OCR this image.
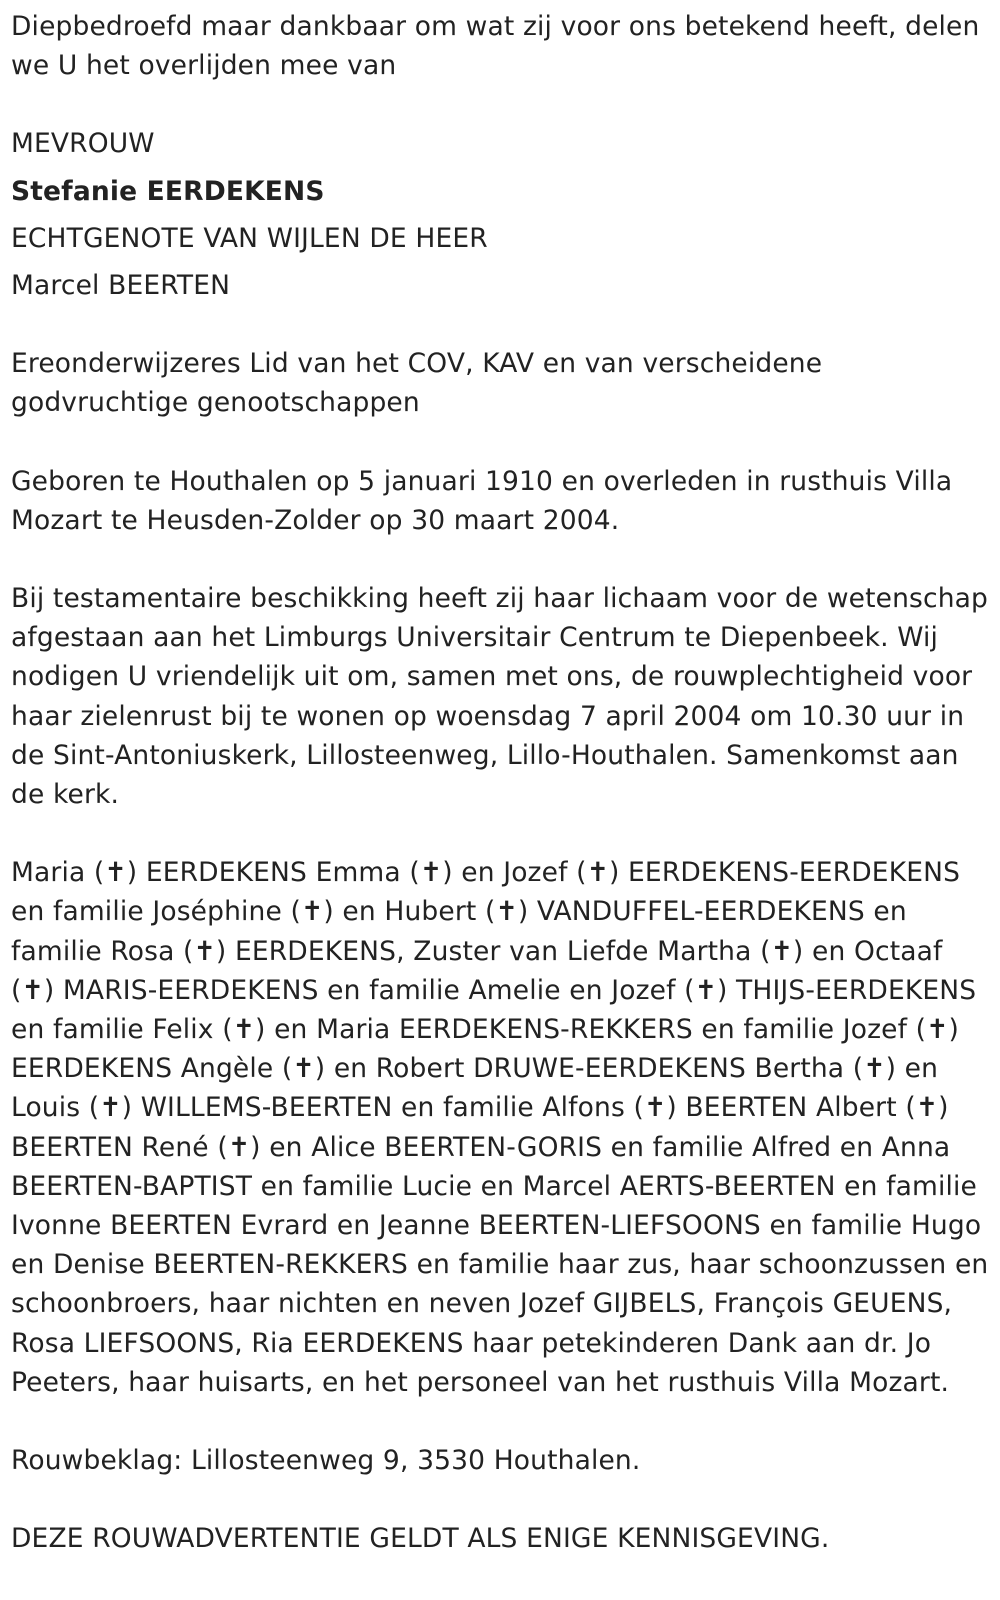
Diepbedroefd maar dankbaar om wat zij voor ons betekend heeft, delen we U het overlijden mee van

MEVROUW

Stefanie EERDEKENS

ECHTGENOTE VAN WIJLEN DE HEER

Marcel BEERTEN

Ereonderwijzeres Lid van het COV, KAV en van verscheidene godvruchtige genootschappen

Geboren te Houthalen op 5 januari 1910 en overleden in rusthuis Villa Mozart te Heusden-Zolder op 30 maart 2004.

Bij testamentaire beschikking heeft zij haar lichaam voor de wetenschap afgestaan aan het Limburgs Universitair Centrum te Diepenbeek. Wij nodigen U vriendelijk uit om, samen met ons, de rouwplechtigheid voor haar zielenrust bij te wonen op woensdag 7 april 2004 om 10.30 uur in de Sint-Antoniuskerk, Lillosteenweg, Lillo-Houthalen. Samenkomst aan de kerk.

Maria (✝) EERDEKENS Emma (✝) en Jozef (✝) EERDEKENS-EERDEKENS en familie Joséphine (✝) en Hubert (✝) VANDUFFEL-EERDEKENS en familie Rosa (✝) EERDEKENS, Zuster van Liefde Martha (✝) en Octaaf (✝) MARIS-EERDEKENS en familie Amelie en Jozef (✝) THIJS-EERDEKENS en familie Felix (✝) en Maria EERDEKENS-REKKERS en familie Jozef (✝) EERDEKENS Angèle (✝) en Robert DRUWE-EERDEKENS Bertha (✝) en Louis (✝) WILLEMS-BEERTEN en familie Alfons (✝) BEERTEN Albert (✝) BEERTEN René (✝) en Alice BEERTEN-GORIS en familie Alfred en Anna BEERTEN-BAPTIST en familie Lucie en Marcel AERTS-BEERTEN en familie Ivonne BEERTEN Evrard en Jeanne BEERTEN-LIEFSOONS en familie Hugo en Denise BEERTEN-REKKERS en familie haar zus, haar schoonzussen en schoonbroers, haar nichten en neven Jozef GIJBELS, François GEUENS, Rosa LIEFSOONS, Ria EERDEKENS haar petekinderen Dank aan dr. Jo Peeters, haar huisarts, en het personeel van het rusthuis Villa Mozart.

Rouwbeklag: Lillosteenweg 9, 3530 Houthalen.

DEZE ROUWADVERTENTIE GELDT ALS ENIGE KENNISGEVING.
